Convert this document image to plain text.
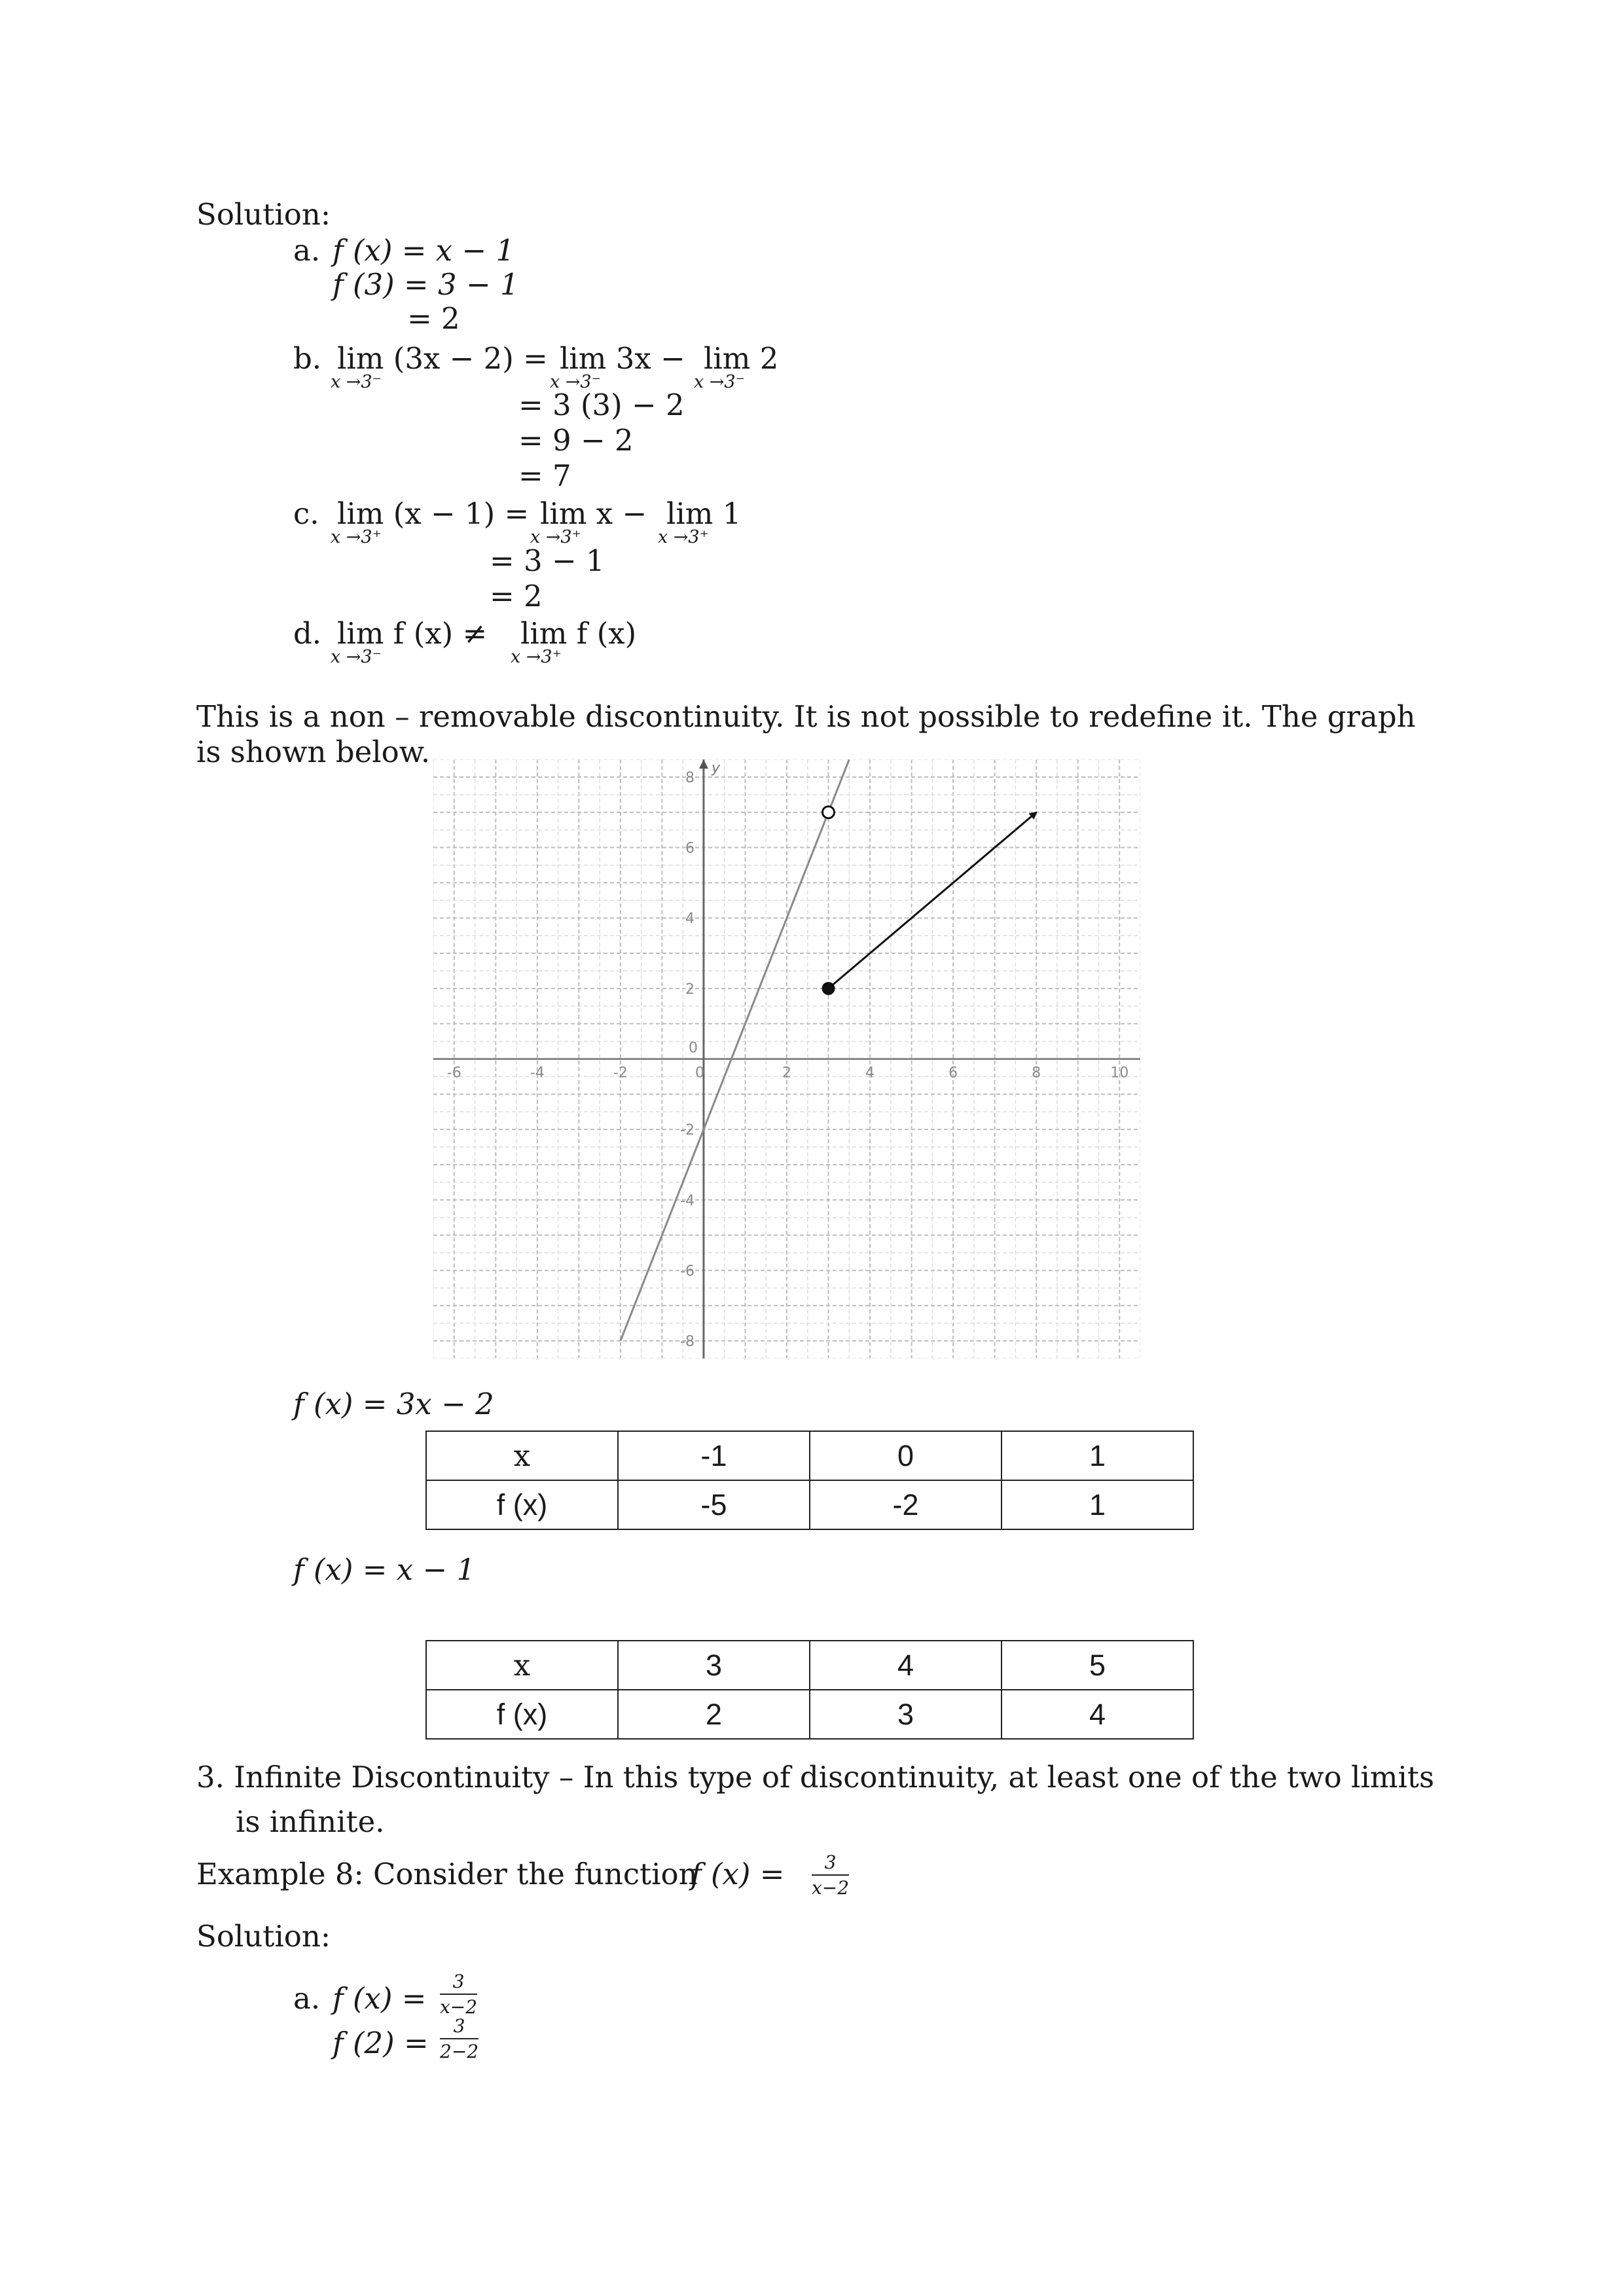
Solution:
a. f (x) = x − 1
f (3) = 3 − 1
= 2
b. lim (3x − 2) =
x →3⁻
lim 3x −
x →3⁻
lim 2
x →3⁻
= 3 (3) − 2
= 9 − 2
= 7
c. lim (x − 1) =
x →3⁺
lim x −
x →3⁺
lim 1
x →3⁺
= 3 − 1
= 2
d. lim f (x) ≠
x →3⁻
lim f (x)
x →3⁺
This is a non – removable discontinuity. It is not possible to redefine it. The graph
is shown below.	y
-6	-4	-2	0	2	4	6	8	10
8
6
4
2
0
-2
-4
-6
-8
f (x) = 3x − 2
x	-1	0	1
f (x)	-5	-2	1
f (x) = x − 1
x	3	4	5
f (x)	2	3	4
3. Infinite Discontinuity – In this type of discontinuity, at least one of the two limits
is infinite.
Example 8: Consider the function
f $(x) = \frac{3}{x-2}$
Solution:
a. f $(x) = \frac{3}{x-2}$
f $(2) = \frac{3}{2-2}$
